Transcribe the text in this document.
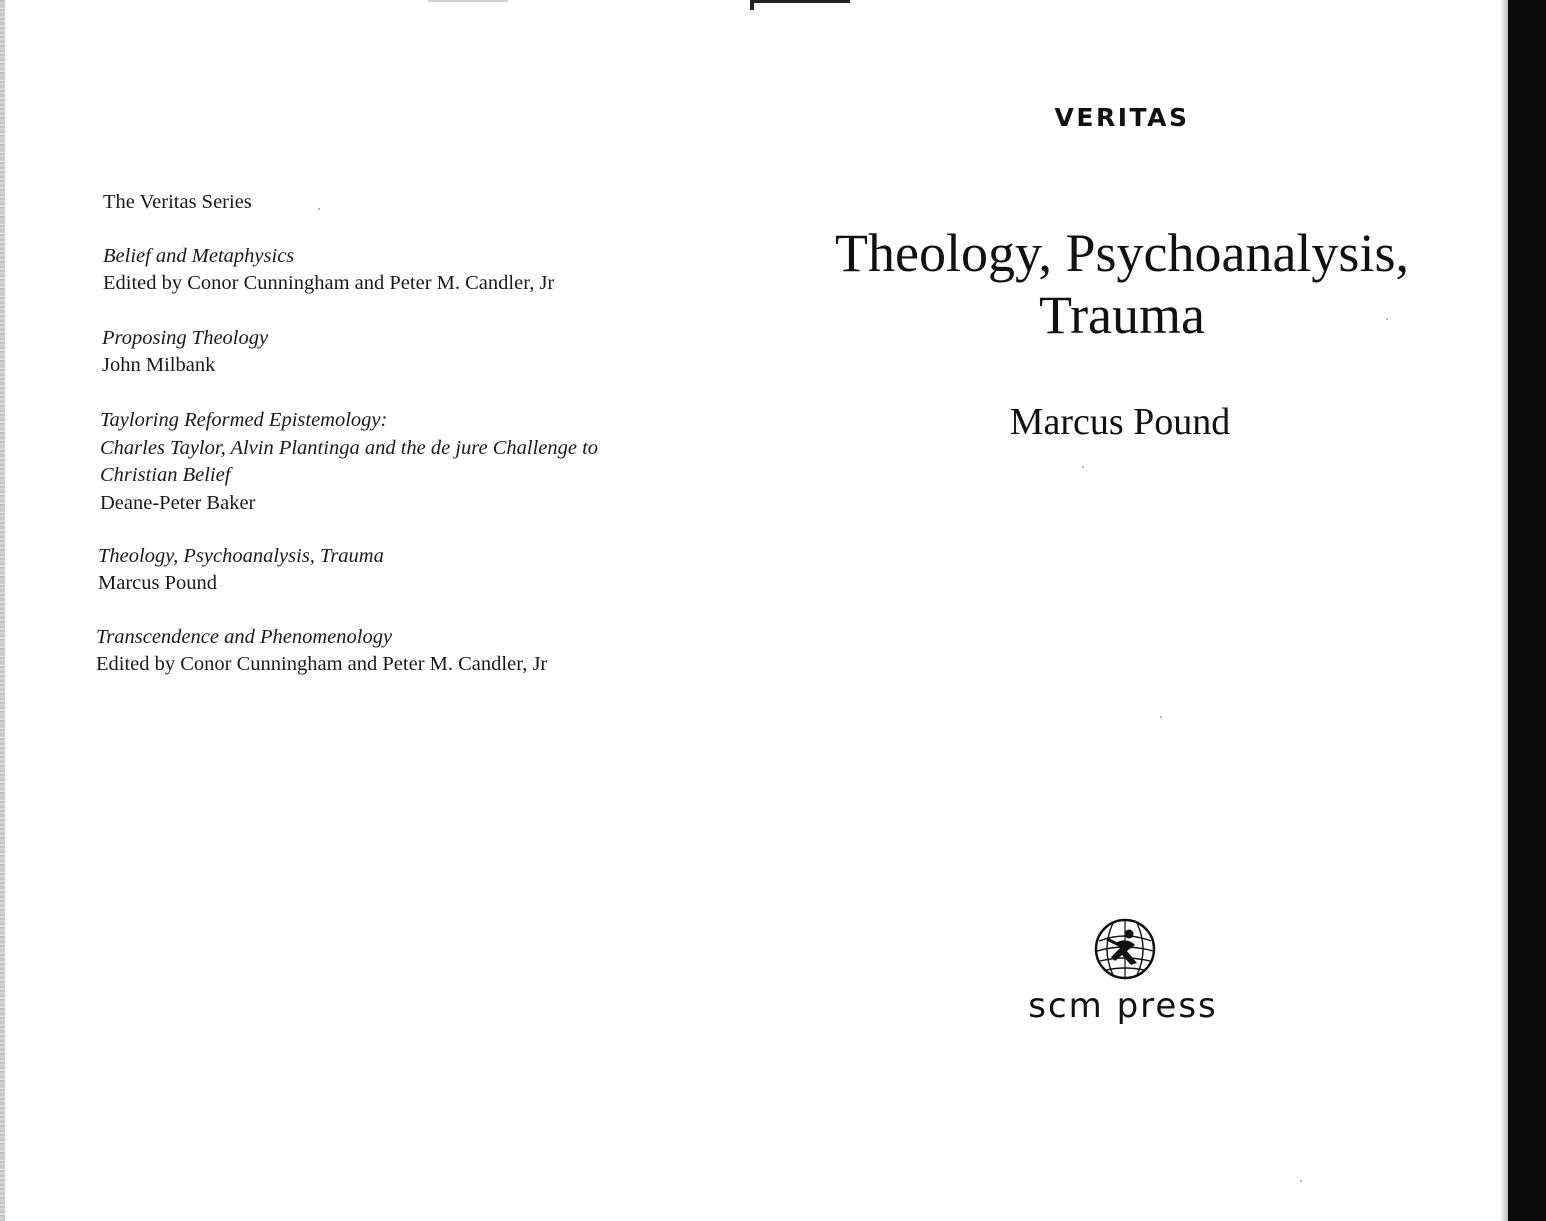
The Veritas Series
Belief and Metaphysics
Edited by Conor Cunningham and Peter M. Candler, Jr
Proposing Theology
John Milbank
Tayloring Reformed Epistemology:
Charles Taylor, Alvin Plantinga and the de jure Challenge to
Christian Belief
Deane-Peter Baker
Theology, Psychoanalysis, Trauma
Marcus Pound
Transcendence and Phenomenology
Edited by Conor Cunningham and Peter M. Candler, Jr
VERITAS
Theology, Psychoanalysis,
Trauma
Marcus Pound
scm press
